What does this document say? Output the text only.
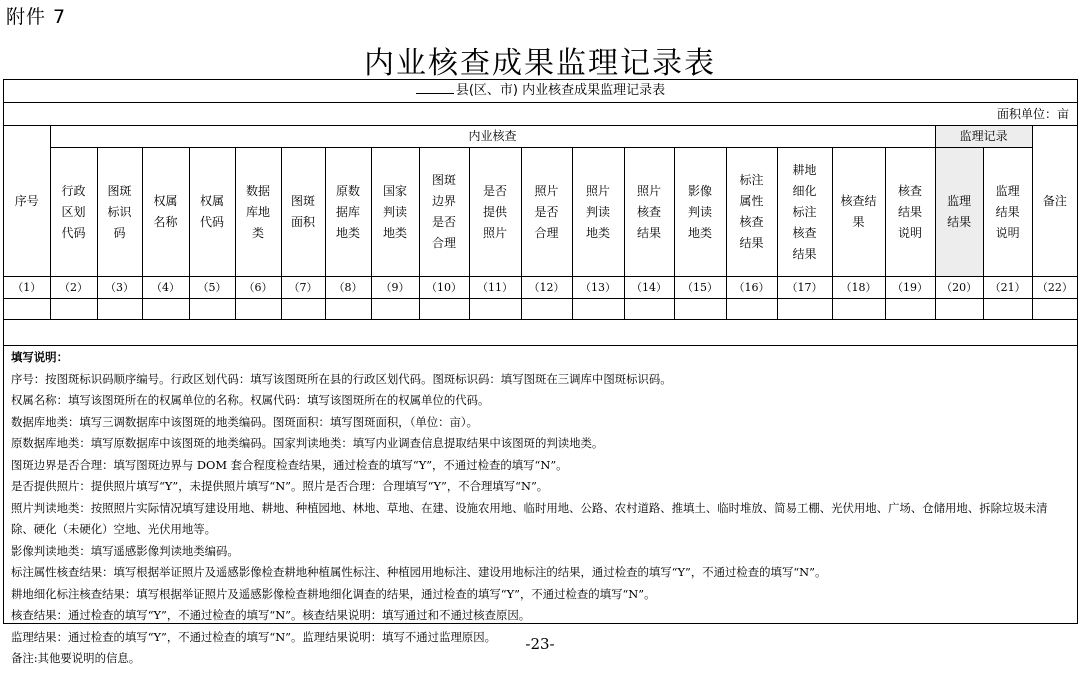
附件 7
内业核查成果监理记录表
县(区、市) 内业核查成果监理记录表
面积单位：亩
序号	内业核查																		监理记录		备注
	行政区划代码	图斑标识码	权属名称	权属代码	数据库地类	图斑面积	原数据库地类	国家判读地类	图斑边界是否合理	是否提供照片	照片是否合理	照片判读地类	照片核查结果	影像判读地类	标注属性核查结果	耕地细化标注核查结果	核查结果	核查结果说明	监理结果	监理结果说明	
（1）	（2）	（3）	（4）	（5）	（6）	（7）	（8）	（9）	（10）	（11）	（12）	（13）	（14）	（15）	（16）	（17）	（18）	（19）	（20）	（21）	（22）

填写说明：

序号：按图斑标识码顺序编号。行政区划代码：填写该图斑所在县的行政区划代码。图斑标识码：填写图斑在三调库中图斑标识码。

权属名称：填写该图斑所在的权属单位的名称。权属代码：填写该图斑所在的权属单位的代码。

数据库地类：填写三调数据库中该图斑的地类编码。图斑面积：填写图斑面积，（单位：亩）。

原数据库地类：填写原数据库中该图斑的地类编码。国家判读地类：填写内业调查信息提取结果中该图斑的判读地类。

图斑边界是否合理：填写图斑边界与 DOM 套合程度检查结果，通过检查的填写“Y”，不通过检查的填写“N”。

是否提供照片：提供照片填写“Y”，未提供照片填写“N”。照片是否合理：合理填写“Y”，不合理填写“N”。

照片判读地类：按照照片实际情况填写建设用地、耕地、种植园地、林地、草地、在建、设施农用地、临时用地、公路、农村道路、推填土、临时堆放、简易工棚、光伏用地、广场、仓储用地、拆除垃圾未清除、硬化（未硬化）空地、光伏用地等。

影像判读地类：填写遥感影像判读地类编码。

标注属性核查结果：填写根据举证照片及遥感影像检查耕地种植属性标注、种植园用地标注、建设用地标注的结果，通过检查的填写“Y”，不通过检查的填写“N”。

耕地细化标注核查结果：填写根据举证照片及遥感影像检查耕地细化调查的结果，通过检查的填写“Y”，不通过检查的填写“N”。

核查结果：通过检查的填写“Y”，不通过检查的填写“N”。核查结果说明：填写通过和不通过核查原因。

监理结果：通过检查的填写“Y”，不通过检查的填写“N”。监理结果说明：填写不通过监理原因。

备注:其他要说明的信息。

-23-
